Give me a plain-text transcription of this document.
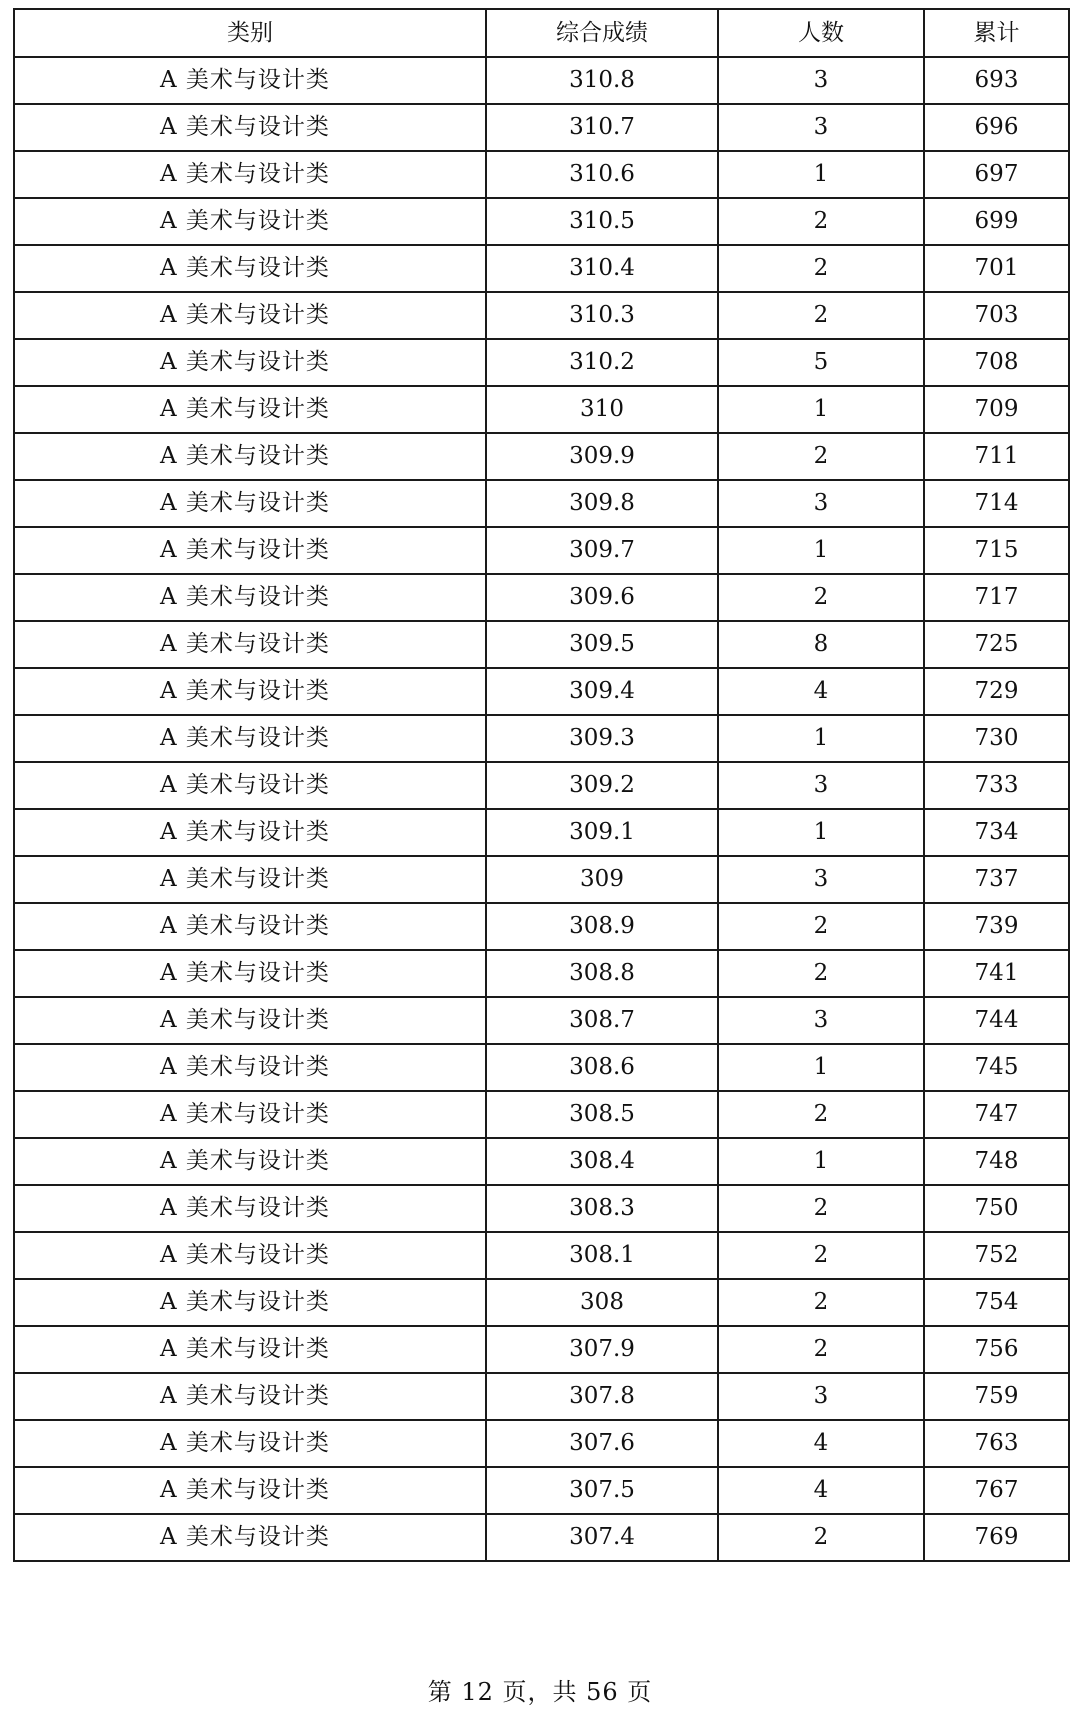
类别	综合成绩	人数	累计
A 美术与设计类	310.8	3	693
A 美术与设计类	310.7	3	696
A 美术与设计类	310.6	1	697
A 美术与设计类	310.5	2	699
A 美术与设计类	310.4	2	701
A 美术与设计类	310.3	2	703
A 美术与设计类	310.2	5	708
A 美术与设计类	310	1	709
A 美术与设计类	309.9	2	711
A 美术与设计类	309.8	3	714
A 美术与设计类	309.7	1	715
A 美术与设计类	309.6	2	717
A 美术与设计类	309.5	8	725
A 美术与设计类	309.4	4	729
A 美术与设计类	309.3	1	730
A 美术与设计类	309.2	3	733
A 美术与设计类	309.1	1	734
A 美术与设计类	309	3	737
A 美术与设计类	308.9	2	739
A 美术与设计类	308.8	2	741
A 美术与设计类	308.7	3	744
A 美术与设计类	308.6	1	745
A 美术与设计类	308.5	2	747
A 美术与设计类	308.4	1	748
A 美术与设计类	308.3	2	750
A 美术与设计类	308.1	2	752
A 美术与设计类	308	2	754
A 美术与设计类	307.9	2	756
A 美术与设计类	307.8	3	759
A 美术与设计类	307.6	4	763
A 美术与设计类	307.5	4	767
A 美术与设计类	307.4	2	769
第 12 页，共 56 页
